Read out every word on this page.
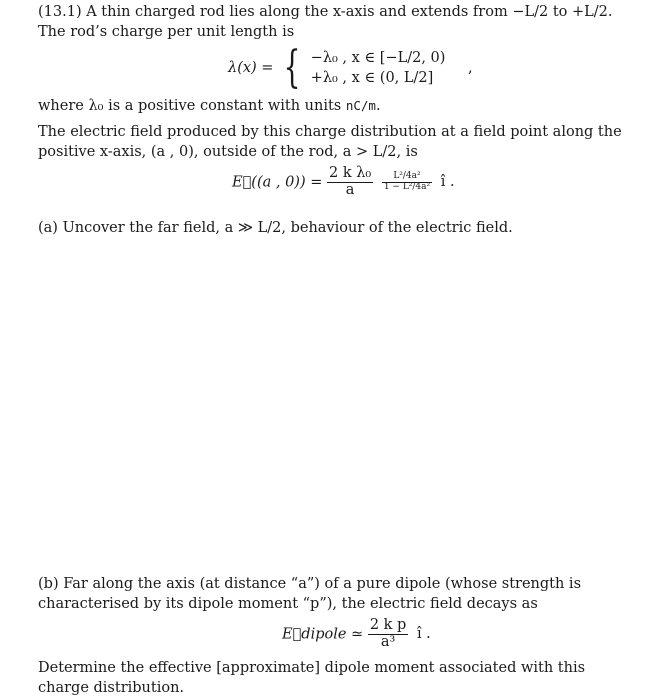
(13.1) A thin charged rod lies along the x-axis and extends from −L/2 to +L/2. The rod’s charge per unit length is
λ(x) = { −λ₀ , x ∈ [−L/2, 0)
+λ₀ , x ∈ (0, L/2]
,
where λ₀ is a positive constant with units nC/m.
The electric field produced by this charge distribution at a field point along the positive x-axis, (a , 0), outside of the rod, a > L/2, is
E⃗((a , $0)) = \frac{\text{2 k λ₀}}{a}$
$\frac{\text{L²/4a²}}{\text{1 − L²/4a²}}$ î .
(a) Uncover the far field, a ≫ L/2, behaviour of the electric field.
(b) Far along the axis (at distance “a”) of a pure dipole (whose strength is characterised by its dipole moment “p”), the electric field decays as
E⃗dipole ≃ $\frac{\text{2 k p}}{\text{a³}}$ î .
Determine the effective [approximate] dipole moment associated with this charge distribution.
